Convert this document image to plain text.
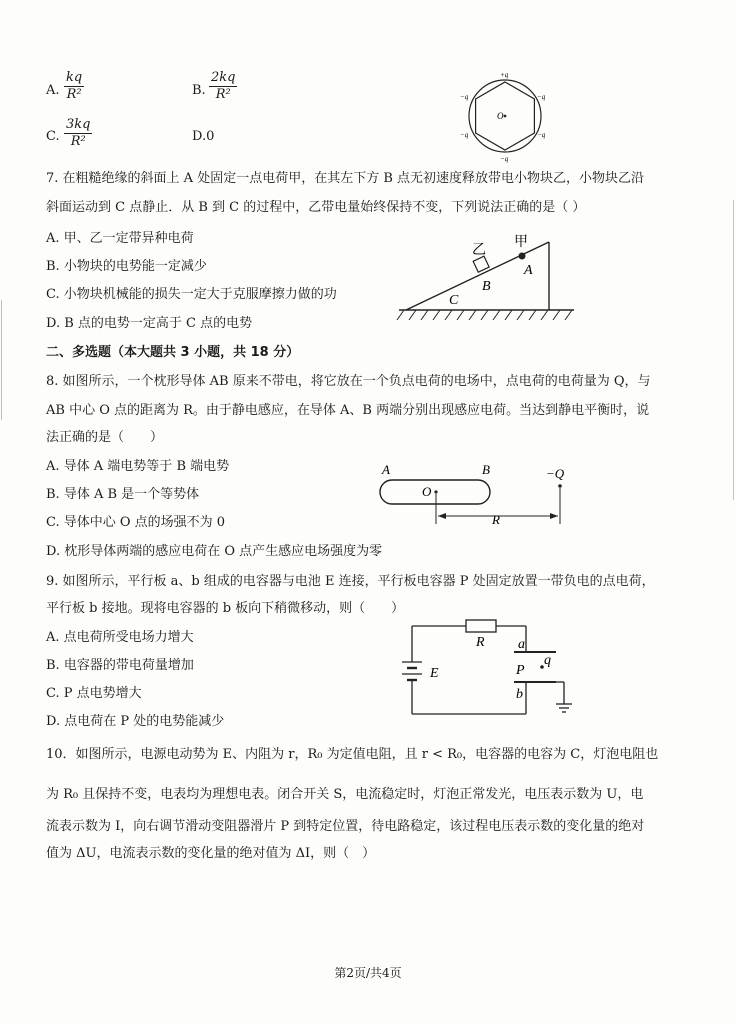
A. $\frac{kq}{\text{R²}}$	B. $\frac{2kq}{\text{R²}}$
C. $\frac{3kq}{\text{R²}}$	D.0
O
+q
−q
−q
−q
−q
−q
7. 在粗糙绝缘的斜面上 A 处固定一点电荷甲，在其左下方 B 点无初速度释放带电小物块乙，小物块乙沿
斜面运动到 C 点静止．从 B 到 C 的过程中，乙带电量始终保持不变，下列说法正确的是（ ）
A. 甲、乙一定带异种电荷
B. 小物块的电势能一定减少
C. 小物块机械能的损失一定大于克服摩擦力做的功
D. B 点的电势一定高于 C 点的电势
乙
甲
A
B
C
二、多选题（本大题共 3 小题，共 18 分）
8. 如图所示，一个枕形导体 AB 原来不带电，将它放在一个负点电荷的电场中，点电荷的电荷量为 Q，与
AB 中心 O 点的距离为 R。由于静电感应，在导体 A、B 两端分别出现感应电荷。当达到静电平衡时，说
法正确的是（　　）
A. 导体 A 端电势等于 B 端电势
B. 导体 A B 是一个等势体
C. 导体中心 O 点的场强不为 0
D. 枕形导体两端的感应电荷在 O 点产生感应电场强度为零
A	B
O
−Q
R
9. 如图所示，平行板 a、b 组成的电容器与电池 E 连接，平行板电容器 P 处固定放置一带负电的点电荷，
平行板 b 接地。现将电容器的 b 板向下稍微移动，则（　　）
A. 点电荷所受电场力增大
B. 电容器的带电荷量增加
C. P 点电势增大
D. 点电荷在 P 处的电势能减少
R a
q
P
b
E
10．如图所示，电源电动势为 E、内阻为 r，R₀ 为定值电阻，且 r < R₀，电容器的电容为 C，灯泡电阻也
为 R₀ 且保持不变，电表均为理想电表。闭合开关 S，电流稳定时，灯泡正常发光，电压表示数为 U，电
流表示数为 I，向右调节滑动变阻器滑片 P 到特定位置，待电路稳定，该过程电压表示数的变化量的绝对
值为 ΔU，电流表示数的变化量的绝对值为 ΔI，则（　）
第2页/共4页
